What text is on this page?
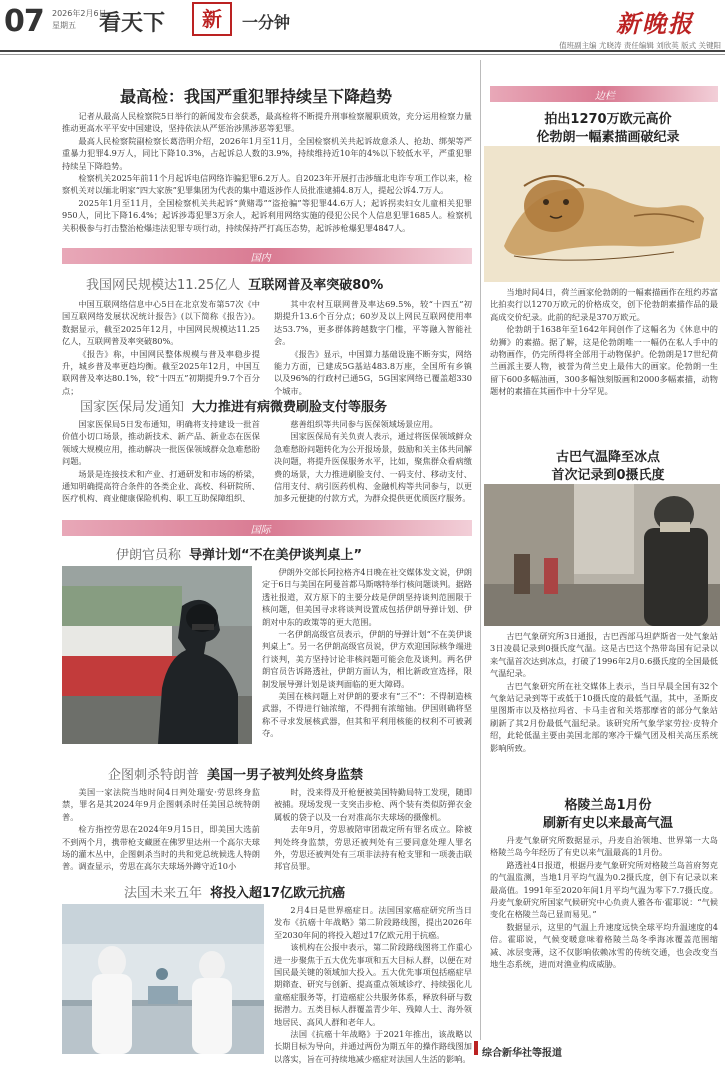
07 2026年2月6日
星期五 看天下	新	一分钟	新晚报
值班副主编 尤晓涛 责任编辑 刘欣英 版式 关键阳
最高检：我国严重犯罪持续呈下降趋势

记者从最高人民检察院5日举行的新闻发布会获悉，最高检将不断提升刑事检察履职质效，充分运用检察力量推动更高水平平安中国建设，坚持依法从严惩治涉黑涉恶等犯罪。

最高人民检察院副检察长葛浩明介绍，2026年1月至11月，全国检察机关共起诉故意杀人、抢劫、绑架等严重暴力犯罪4.9万人，同比下降10.3%，占起诉总人数的3.9%，持续维持近10年的4%以下较低水平，严重犯罪持续呈下降趋势。

检察机关2025年前11个月起诉电信网络诈骗犯罪6.2万人。自2023年开展打击涉缅北电诈专项工作以来，检察机关对以缅北明家“四大家族”犯罪集团为代表的集中遣返涉作人员批准逮捕4.8万人，提起公诉4.7万人。

2025年1月至11月，全国检察机关共起诉“黄赌毒”“盗抢骗”等犯罪44.6万人；起诉拐卖妇女儿童相关犯罪950人，同比下降16.4%；起诉涉毒犯罪3万余人，起诉利用网络实施的侵犯公民个人信息犯罪1685人。检察机关积极参与打击整治枪爆违法犯罪专项行动，持续保持严打高压态势，起诉涉枪爆犯罪4847人。

国内
我国网民规模达11.25亿人 互联网普及率突破80%

中国互联网络信息中心5日在北京发布第57次《中国互联网络发展状况统计报告》(以下简称《报告》)。数据显示，截至2025年12月，中国网民规模达11.25亿人，互联网普及率突破80%。

《报告》称，中国网民整体规模与普及率稳步提升，城乡普及率更趋均衡。截至2025年12月，中国互联网普及率达80.1%，较“十四五”初期提升9.7个百分点；

其中农村互联网普及率达69.5%，较“十四五”初期提升13.6个百分点；60岁及以上网民互联网使用率达53.7%，更多群体跨越数字门槛，平等融入智能社会。

《报告》显示，中国算力基础设施不断夯实，网络能力方面，已建成5G基站483.8万座，全国所有乡镇以及96%的行政村已通5G，5G国家网络已覆盖超330个城市。

国家医保局发通知 大力推进有病微费刷脸支付等服务

国家医保局5日发布通知，明确将支持建设一批首价值小切口场景，推动新技术、新产品、新业态在医保领域大规模应用，推动解决一批医保领域群众急难愁盼问题。

场景是连接技术和产业、打通研发和市场的桥梁，通知明确提高符合条件的各类企业、高校、科研院所、医疗机构、商业健康保险机构、职工互助保障组织、

慈善组织等共同参与医保领域场景应用。

国家医保局有关负责人表示，通过将医保领域鲜众急难愁盼问题转化为公开报场景，鼓励和关主体共同解决问题，将提升医保服务水平，比如，聚焦群众看病缴费的场景，大力推进刷脸支付、一码支付、移动支付、信用支付、病引医药机构、金融机构等共同参与，以更加多元便捷的付款方式，为群众提供更优质医疗服务。

国际
伊朗官员称 导弹计划“不在美伊谈判桌上”

伊朗外交部长阿拉格齐4日晚在社交媒体发文说，伊朗定于6日与美国在阿曼首都马斯喀特举行核问题谈判。据路透社报道，双方原下的主要分歧是伊朗坚持谈判范围限于核问题，但美国寻求将谈判设置成包括伊朗导弹计划、伊朗对中东的政策等的更大范围。

一名伊朗高级官员表示，伊朗的导弹计划“不在美伊谈判桌上”。另一名伊朗高级官员说，伊方欢迎国际核争端进行谈判，美方坚持讨论非核问题可能会危及谈判。两名伊朗官员告诉路透社，伊朗方面认为，相比新政宣选择，限制发展导弹计划是谈判面临的更大障碍。

美国在核问题上对伊朗的要求有“三不”：不得制造核武器，不得进行铀浓缩，不得拥有浓缩铀。伊国则确将坚称不寻求发展核武器，但其和平利用核能的权利不可被剥夺。

企图刺杀特朗普 美国一男子被判处终身监禁

美国一家法院当地时间4日判处瑞安·劳思终身监禁，罪名是其2024年9月企图刺杀时任美国总统特朗普。

检方指控劳思在2024年9月15日，即美国大选前不到两个月，携带枪支藏匿在佛罗里达州一个高尔夫球场的灌木丛中，企图刺杀当时的共和党总统候选人特朗普。调查显示，劳思在高尔夫球场外蹲守近10小

时，没来得及开枪便被美国特勤局特工发现，随即被捕。现场发现一支突击步枪、两个装有类似防弹衣金属板的袋子以及一台对准高尔夫球场的摄像机。

去年9月，劳思被陪审团裁定所有罪名成立。除被判处终身监禁，劳思还被判处有三要同意处理人罪名外，劳思还被判处有三项非法持有枪支罪和一项袭击联邦官员罪。

法国未来五年 将投入超17亿欧元抗癌

2月4日是世界癌症日。法国国家癌症研究所当日发布《抗癌十年战略》第二阶段路线图，提出2026年至2030年间的将投入超过17亿欧元用于抗癌。

该机构在公报中表示，第二阶段路线图将工作重心进一步聚焦于五大优先事项和五大目标人群，以便在对国民最关键的领域加大投入。五大优先事项包括癌症早期筛查、研究与创新、提高重点领域诊疗、持续强化儿童癌症服务等，打造癌症公共服务体系，释放科研与数据潜力。五类目标人群覆盖青少年、残障人士、海外领地居民、高风人群和老年人。

法国《抗癌十年战略》于2021年推出，该战略以长期目标为导向，并通过两份为期五年的操作路线图加以落实，旨在可持续地减少癌症对法国人生活的影响。

边栏
拍出1270万欧元高价
伦勃朗一幅素描画破纪录

当地时间4日，荷兰画家伦勃朗的一幅素描画作在纽约苏富比拍卖行以1270万欧元的价格成交，创下伦勃朗素描作品的最高成交价纪录。此前的纪录是370万欧元。

伦勃朗于1638年至1642年间创作了这幅名为《休息中的幼狮》的素描。据了解，这是伦勃朗唯一一幅仍在私人手中的动物画作，仍完所得将全部用于动物保护。伦勃朗是17世纪荷兰画派主要人物，被誉为荷兰史上最伟大的画家。伦勃朗一生留下600多幅油画，300多幅蚀刻版画和2000多幅素描，动物题材的素描在其画作中十分罕见。

古巴气温降至冰点
首次记录到0摄氏度

古巴气象研究所3日通报，古巴西部马坦萨斯省一处气象站3日凌晨记录到0摄氏度气温。这是古巴这个热带岛国有记录以来气温首次达到冰点，打破了1996年2月0.6摄氏度的全国最低气温纪录。

古巴气象研究所在社交媒体上表示，当日早晨全国有32个气象站记录到等于或低于10摄氏度的最低气温，其中，圣斯皮里图斯市以及格拉玛省、卡马圭省和关塔那摩省的部分气象站刷新了其2月份最低气温纪录。该研究所气象学家劳拉·皮特介绍，此轮低温主要由美国北部的寒冷干燥气团及相关高压系统影响所致。

格陵兰岛1月份
刷新有史以来最高气温

丹麦气象研究所数据显示，丹麦自治领地、世界第一大岛格陵兰岛今年经历了有史以来气温最高的1月份。

路透社4日报道，根据丹麦气象研究所对格陵兰岛首府努克的气温监测，当地1月平均气温为0.2摄氏度，创下有记录以来最高值。1991年至2020年间1月平均气温为零下7.7摄氏度。丹麦气象研究所国家气候研究中心负责人雅各布·霍耶说：“气候变化在格陵兰岛已显而易见。”

数据显示，这里的气温上升速度远快全球平均升温速度的4倍。霍耶说，气候变暖意味着格陵兰岛冬季海冰覆盖范围缩减、冰层变薄，这不仅影响依赖冰雪的传统交通，也会改变当地生态系统，进而对渔业构成威胁。

综合新华社等报道
